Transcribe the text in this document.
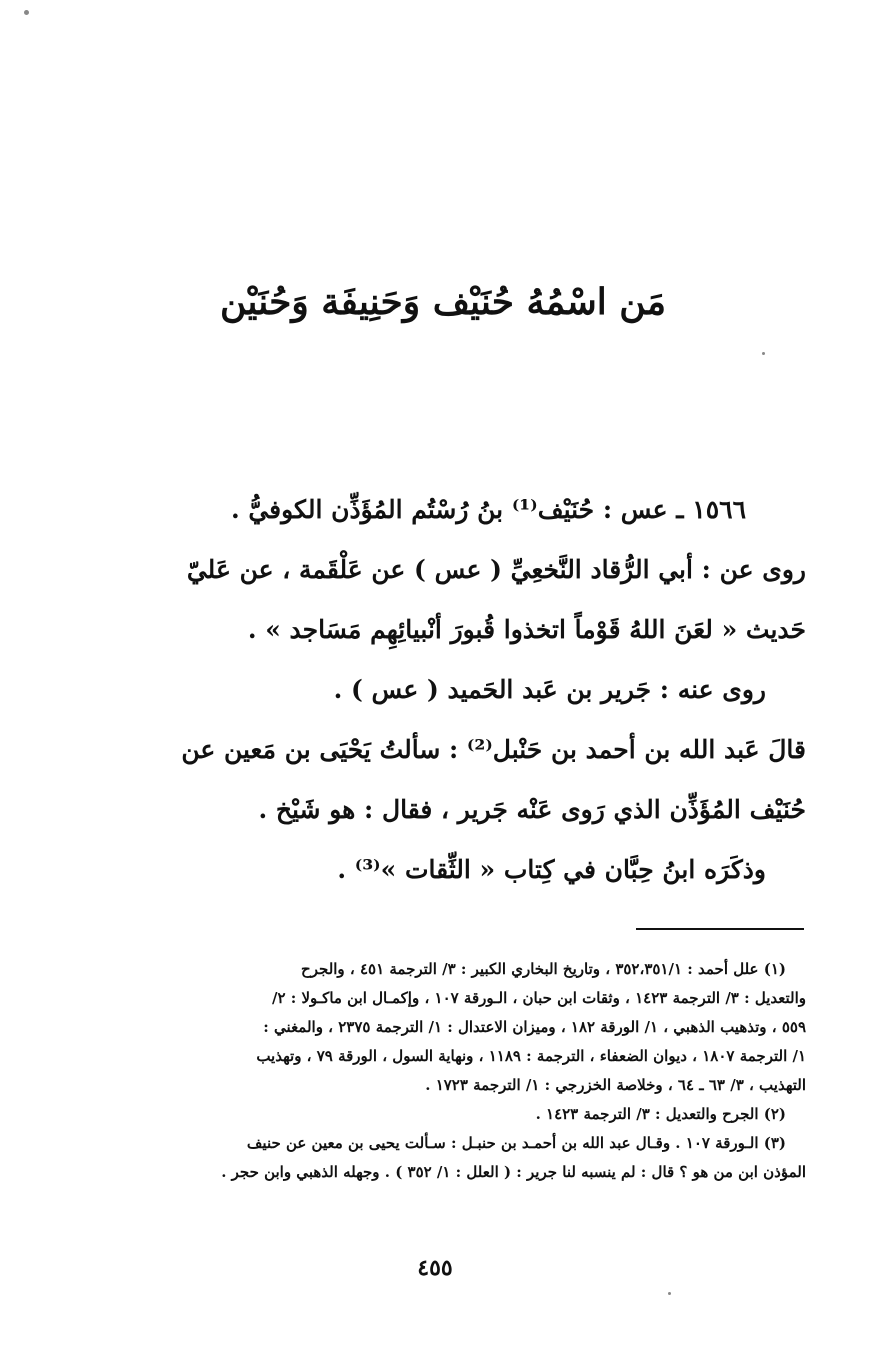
مَن اسْمُهُ حُنَيْف وَحَنِيفَة وَحُنَيْن
١٥٦٦ ـ عس : حُنَيْف⁽¹⁾ بنُ رُسْتُم المُؤَذِّن الكوفيُّ .
روى عن : أبي الرُّقاد النَّخعِيِّ ( عس ) عن عَلْقَمة ، عن عَليّ
حَديث « لعَنَ اللهُ قَوْماً اتخذوا قُبورَ أنْبيائِهِم مَسَاجد » .
روى عنه : جَرير بن عَبد الحَميد ( عس ) .
قالَ عَبد الله بن أحمد بن حَنْبل⁽²⁾ : سألتُ يَحْيَى بن مَعين عن
حُنَيْف المُؤَذِّن الذي رَوى عَنْه جَرير ، فقال : هو شَيْخ .
وذكَرَه ابنُ حِبَّان في كِتاب « الثِّقات »⁽³⁾ .
(١) علل أحمد : ٣٥٢،٣٥١/١ ، وتاريخ البخاري الكبير : ٣/ الترجمة ٤٥١ ، والجرح
والتعديل : ٣/ الترجمة ١٤٢٣ ، وثقات ابن حبان ، الـورقة ١٠٧ ، وإكمـال ابن ماكـولا : ٢/
٥٥٩ ، وتذهيب الذهبي ، ١/ الورقة ١٨٢ ، وميزان الاعتدال : ١/ الترجمة ٢٣٧٥ ، والمغني :
١/ الترجمة ١٨٠٧ ، ديوان الضعفاء ، الترجمة : ١١٨٩ ، ونهاية السول ، الورقة ٧٩ ، وتهذيب
التهذيب ، ٣/ ٦٣ ـ ٦٤ ، وخلاصة الخزرجي : ١/ الترجمة ١٧٢٣ .
(٢) الجرح والتعديل : ٣/ الترجمة ١٤٢٣ .
(٣) الـورقة ١٠٧ . وقـال عبد الله بن أحمـد بن حنبـل : سـألت يحيى بن معين عن حنيف
المؤذن ابن من هو ؟ قال : لم ينسبه لنا جرير : ( العلل : ١/ ٣٥٢ ) . وجهله الذهبي وابن حجر .
٤٥٥
